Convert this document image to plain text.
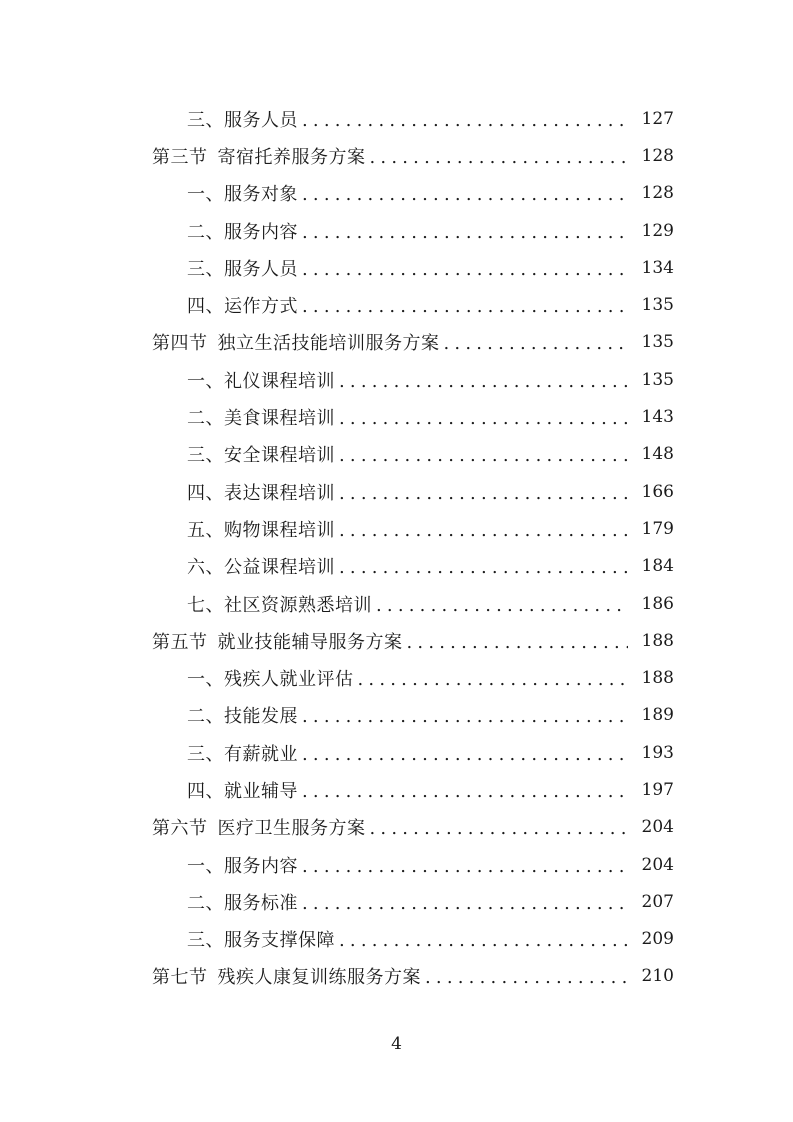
三、服务人员 .....	127
第三节 寄宿托养服务方案 .....	128
一、服务对象 .....	128
二、服务内容 .....	129
三、服务人员 .....	134
四、运作方式 .....	135
第四节 独立生活技能培训服务方案 .....	135
一、礼仪课程培训 .....	135
二、美食课程培训 .....	143
三、安全课程培训 .....	148
四、表达课程培训 .....	166
五、购物课程培训 .....	179
六、公益课程培训 .....	184
七、社区资源熟悉培训 .....	186
第五节 就业技能辅导服务方案 .....	188
一、残疾人就业评估 .....	188
二、技能发展 .....	189
三、有薪就业 .....	193
四、就业辅导 .....	197
第六节 医疗卫生服务方案 .....	204
一、服务内容 .....	204
二、服务标准 .....	207
三、服务支撑保障 .....	209
第七节 残疾人康复训练服务方案 .....	210
4
